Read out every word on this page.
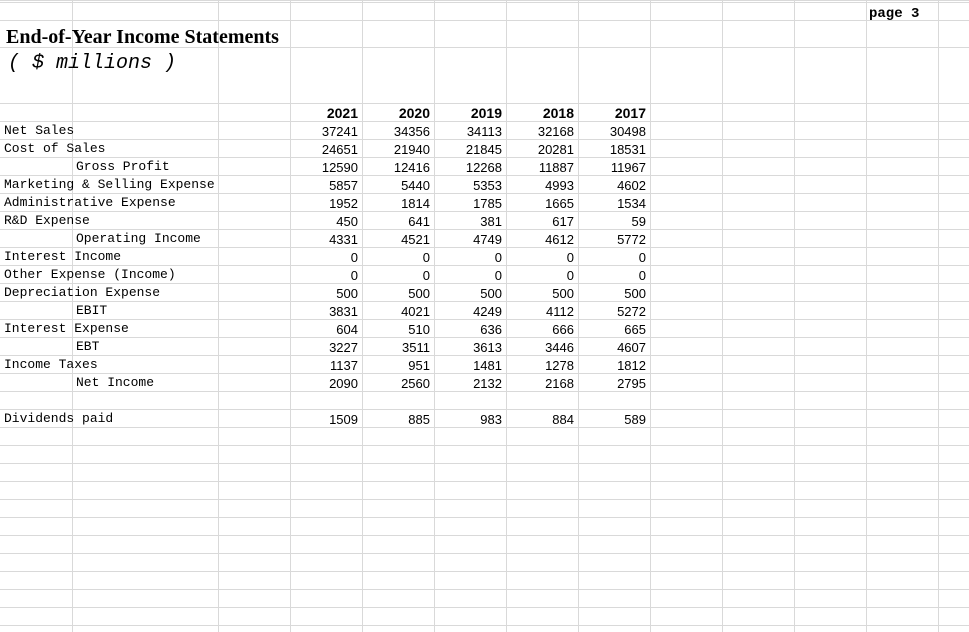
page 3
End-of-Year Income Statements
( $ millions )
2021	2020	2019	2018	2017
Net Sales	37241	34356	34113	32168	30498
Cost of Sales	24651	21940	21845	20281	18531
Gross Profit	12590	12416	12268	11887	11967
Marketing & Selling Expense	5857	5440	5353	4993	4602
Administrative Expense	1952	1814	1785	1665	1534
R&D Expense	450	641	381	617	59
Operating Income	4331	4521	4749	4612	5772
Interest Income	0	0	0	0	0
Other Expense (Income)	0	0	0	0	0
Depreciation Expense	500	500	500	500	500
EBIT	3831	4021	4249	4112	5272
Interest Expense	604	510	636	666	665
EBT	3227	3511	3613	3446	4607
Income Taxes	1137	951	1481	1278	1812
Net Income	2090	2560	2132	2168	2795
Dividends paid	1509	885	983	884	589
